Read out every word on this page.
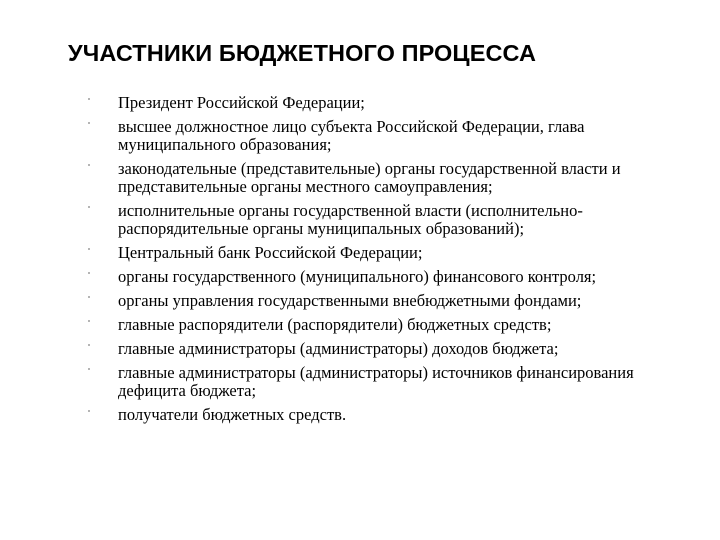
УЧАСТНИКИ БЮДЖЕТНОГО ПРОЦЕССА
Президент Российской Федерации;
высшее должностное лицо субъекта Российской Федерации, глава муниципального образования;
законодательные (представительные) органы государственной власти и представительные органы местного самоуправления;
исполнительные органы государственной власти (исполнительно-распорядительные органы муниципальных образований);
Центральный банк Российской Федерации;
органы государственного (муниципального) финансового контроля;
органы управления государственными внебюджетными фондами;
главные распорядители (распорядители) бюджетных средств;
главные администраторы (администраторы) доходов бюджета;
главные администраторы (администраторы) источников финансирования дефицита бюджета;
получатели бюджетных средств.
